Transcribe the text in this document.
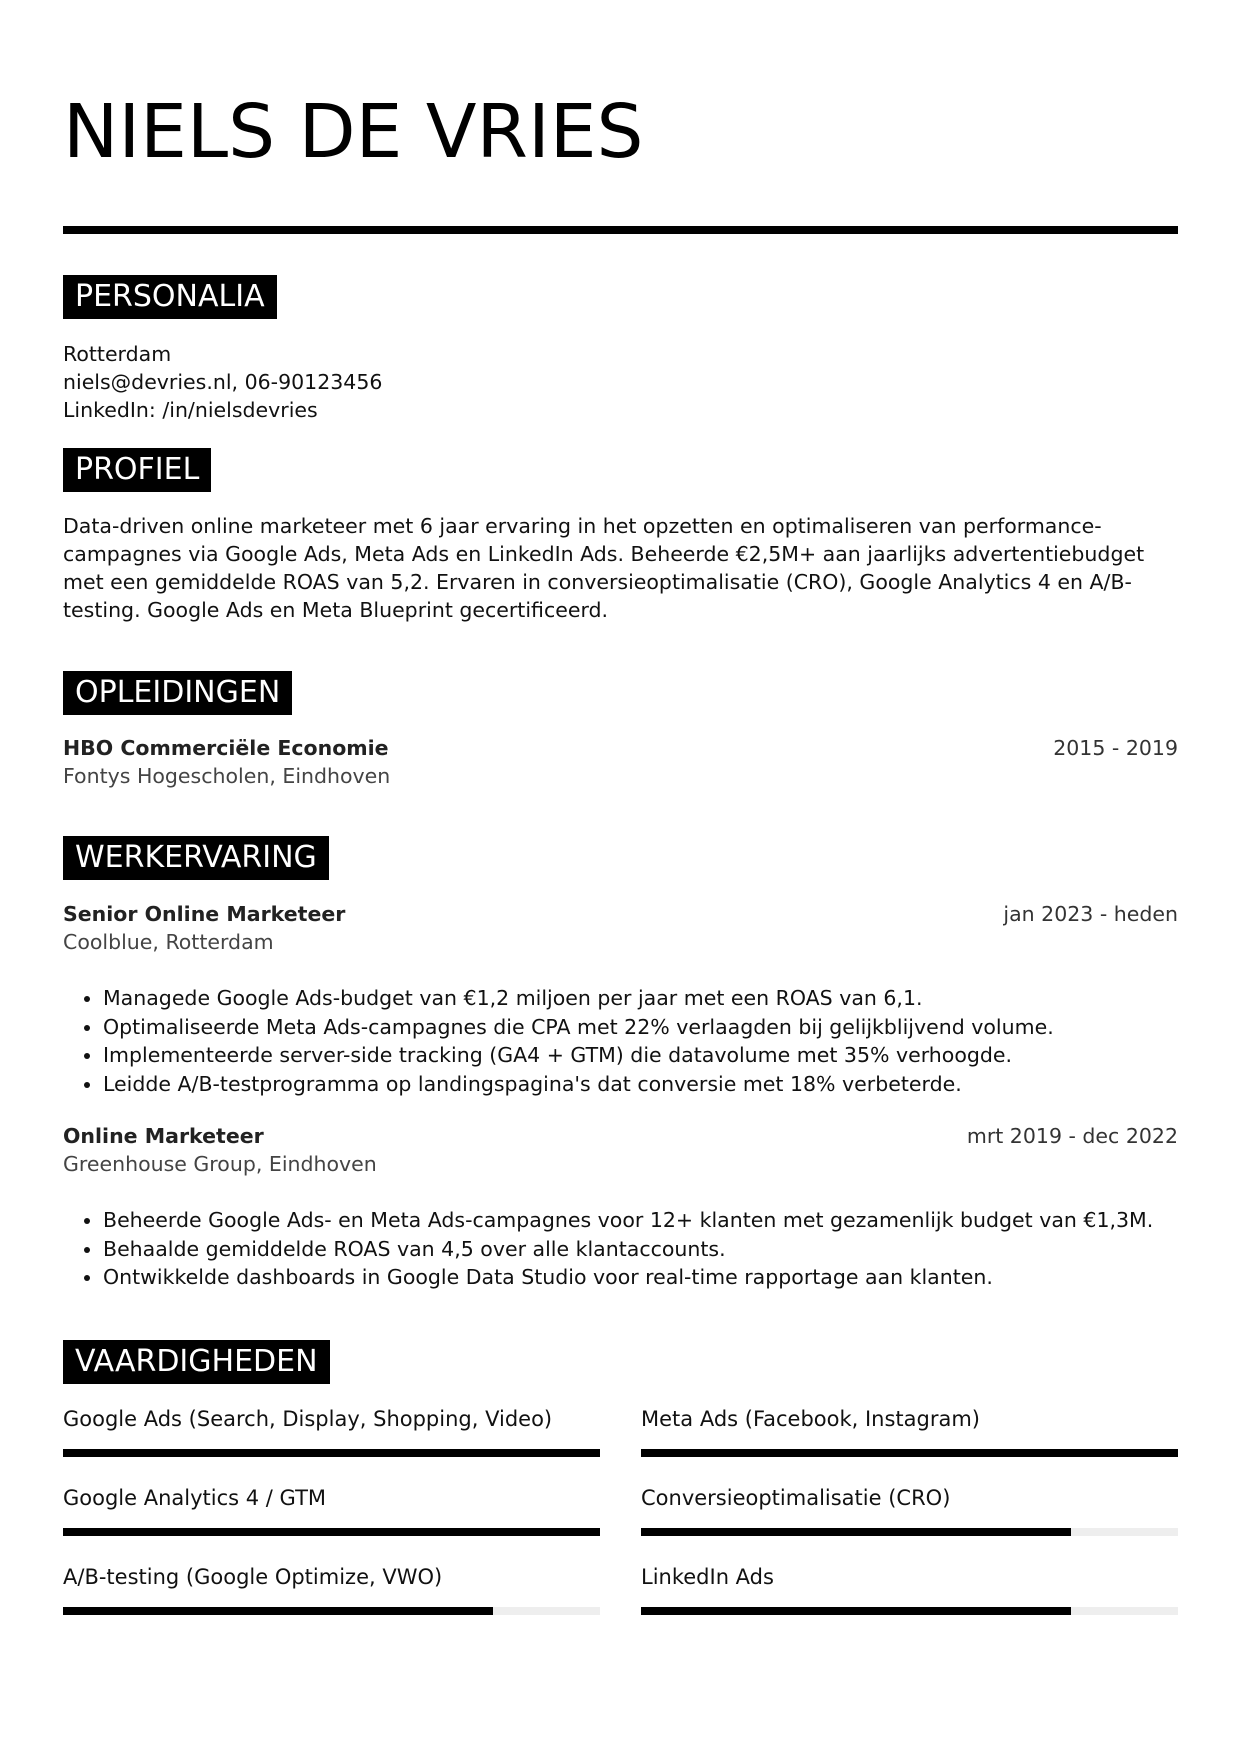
NIELS DE VRIES
PERSONALIA
Rotterdam
niels@devries.nl, 06-90123456
LinkedIn: /in/nielsdevries
PROFIEL
Data-driven online marketeer met 6 jaar ervaring in het opzetten en optimaliseren van performance-
campagnes via Google Ads, Meta Ads en LinkedIn Ads. Beheerde €2,5M+ aan jaarlijks advertentiebudget
met een gemiddelde ROAS van 5,2. Ervaren in conversieoptimalisatie (CRO), Google Analytics 4 en A/B-
testing. Google Ads en Meta Blueprint gecertificeerd.
OPLEIDINGEN
HBO Commerciële Economie	2015 - 2019
Fontys Hogescholen, Eindhoven
WERKERVARING
Senior Online Marketeer	jan 2023 - heden
Coolblue, Rotterdam
• Managede Google Ads-budget van €1,2 miljoen per jaar met een ROAS van 6,1.
• Optimaliseerde Meta Ads-campagnes die CPA met 22% verlaagden bij gelijkblijvend volume.
• Implementeerde server-side tracking (GA4 + GTM) die datavolume met 35% verhoogde.
• Leidde A/B-testprogramma op landingspagina's dat conversie met 18% verbeterde.
Online Marketeer	mrt 2019 - dec 2022
Greenhouse Group, Eindhoven
• Beheerde Google Ads- en Meta Ads-campagnes voor 12+ klanten met gezamenlijk budget van €1,3M.
• Behaalde gemiddelde ROAS van 4,5 over alle klantaccounts.
• Ontwikkelde dashboards in Google Data Studio voor real-time rapportage aan klanten.
VAARDIGHEDEN
Google Ads (Search, Display, Shopping, Video)	Meta Ads (Facebook, Instagram)
Google Analytics 4 / GTM	Conversieoptimalisatie (CRO)
A/B-testing (Google Optimize, VWO)	LinkedIn Ads
